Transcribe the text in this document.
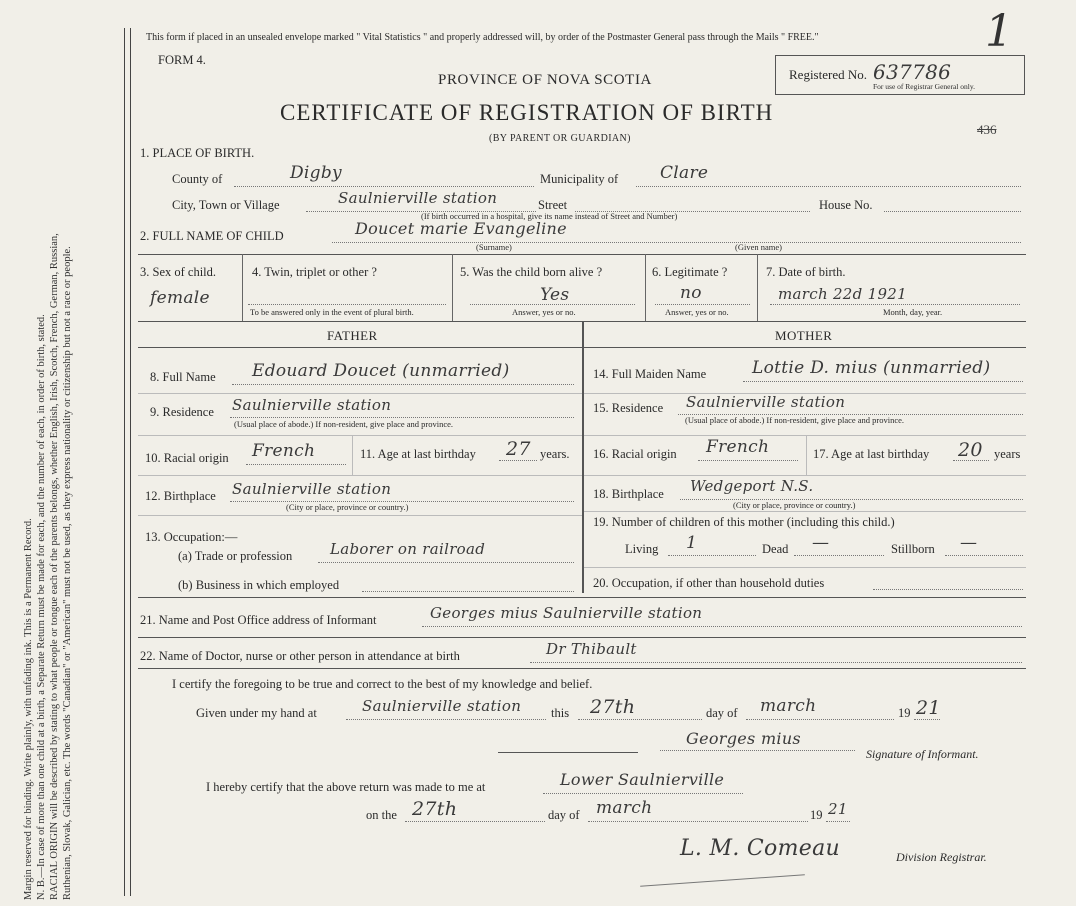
Margin reserved for binding. Write plainly, with unfading ink. This is a Permanent Record. N. B.—In case of more than one child at a birth, a Separate Return must be made for each, and the number of each, in order of birth, stated. RACIAL ORIGIN will be described by stating to what people or tongue each of the parents belongs, whether English, Irish, Scotch, French, German, Russian, Ruthenian, Slovak, Galician, etc. The words "Canadian" or "American" must not be used, as they express nationality or citizenship but not a race or people.
This form if placed in an unsealed envelope marked " Vital Statistics " and properly addressed will, by order of the Postmaster General pass through the Mails " FREE."	1
FORM 4.
PROVINCE OF NOVA SCOTIA
CERTIFICATE OF REGISTRATION OF BIRTH
(BY PARENT OR GUARDIAN)
Registered No. 637786
For use of Registrar General only.
436
1. PLACE OF BIRTH.
County of	Digby	Municipality of Clare
City, Town or Village	Saulnierville station	Street	House No.
(If birth occurred in a hospital, give its name instead of Street and Number)
2. FULL NAME OF CHILD	Doucet marie Evangeline
(Surname)	(Given name)
3. Sex of child.
female
4. Twin, triplet or other ?
To be answered only in the event of plural birth.
5. Was the child born alive ?
Yes
Answer, yes or no.
6. Legitimate ?
no
Answer, yes or no.
7. Date of birth.
march 22d 1921
Month, day, year.
FATHER	MOTHER
8. Full Name Edouard Doucet (unmarried)
9. Residence Saulnierville station
(Usual place of abode.) If non-resident, give place and province.
10. Racial origin French	11. Age at last birthday 27 years.
12. Birthplace Saulnierville station
(City or place, province or country.)
13. Occupation:—
(a) Trade or profession	Laborer on railroad
(b) Business in which employed
14. Full Maiden Name	Lottie D. mius (unmarried)
15. Residence Saulnierville station
(Usual place of abode.) If non-resident, give place and province.
16. Racial origin French	17. Age at last birthday 20 years
18. Birthplace Wedgeport N.S.
(City or place, province or country.)
19. Number of children of this mother (including this child.)
Living 1	Dead —	Stillborn —
20. Occupation, if other than household duties
21. Name and Post Office address of Informant	Georges mius Saulnierville station
22. Name of Doctor, nurse or other person in attendance at birth	Dr Thibault
I certify the foregoing to be true and correct to the best of my knowledge and belief.
Given under my hand at	Saulnierville station this 27th	day of march	19 21
Georges mius
Signature of Informant.
I hereby certify that the above return was made to me at	Lower Saulnierville
on the 27th	day of march	19 21
L. M. Comeau	Division Registrar.
